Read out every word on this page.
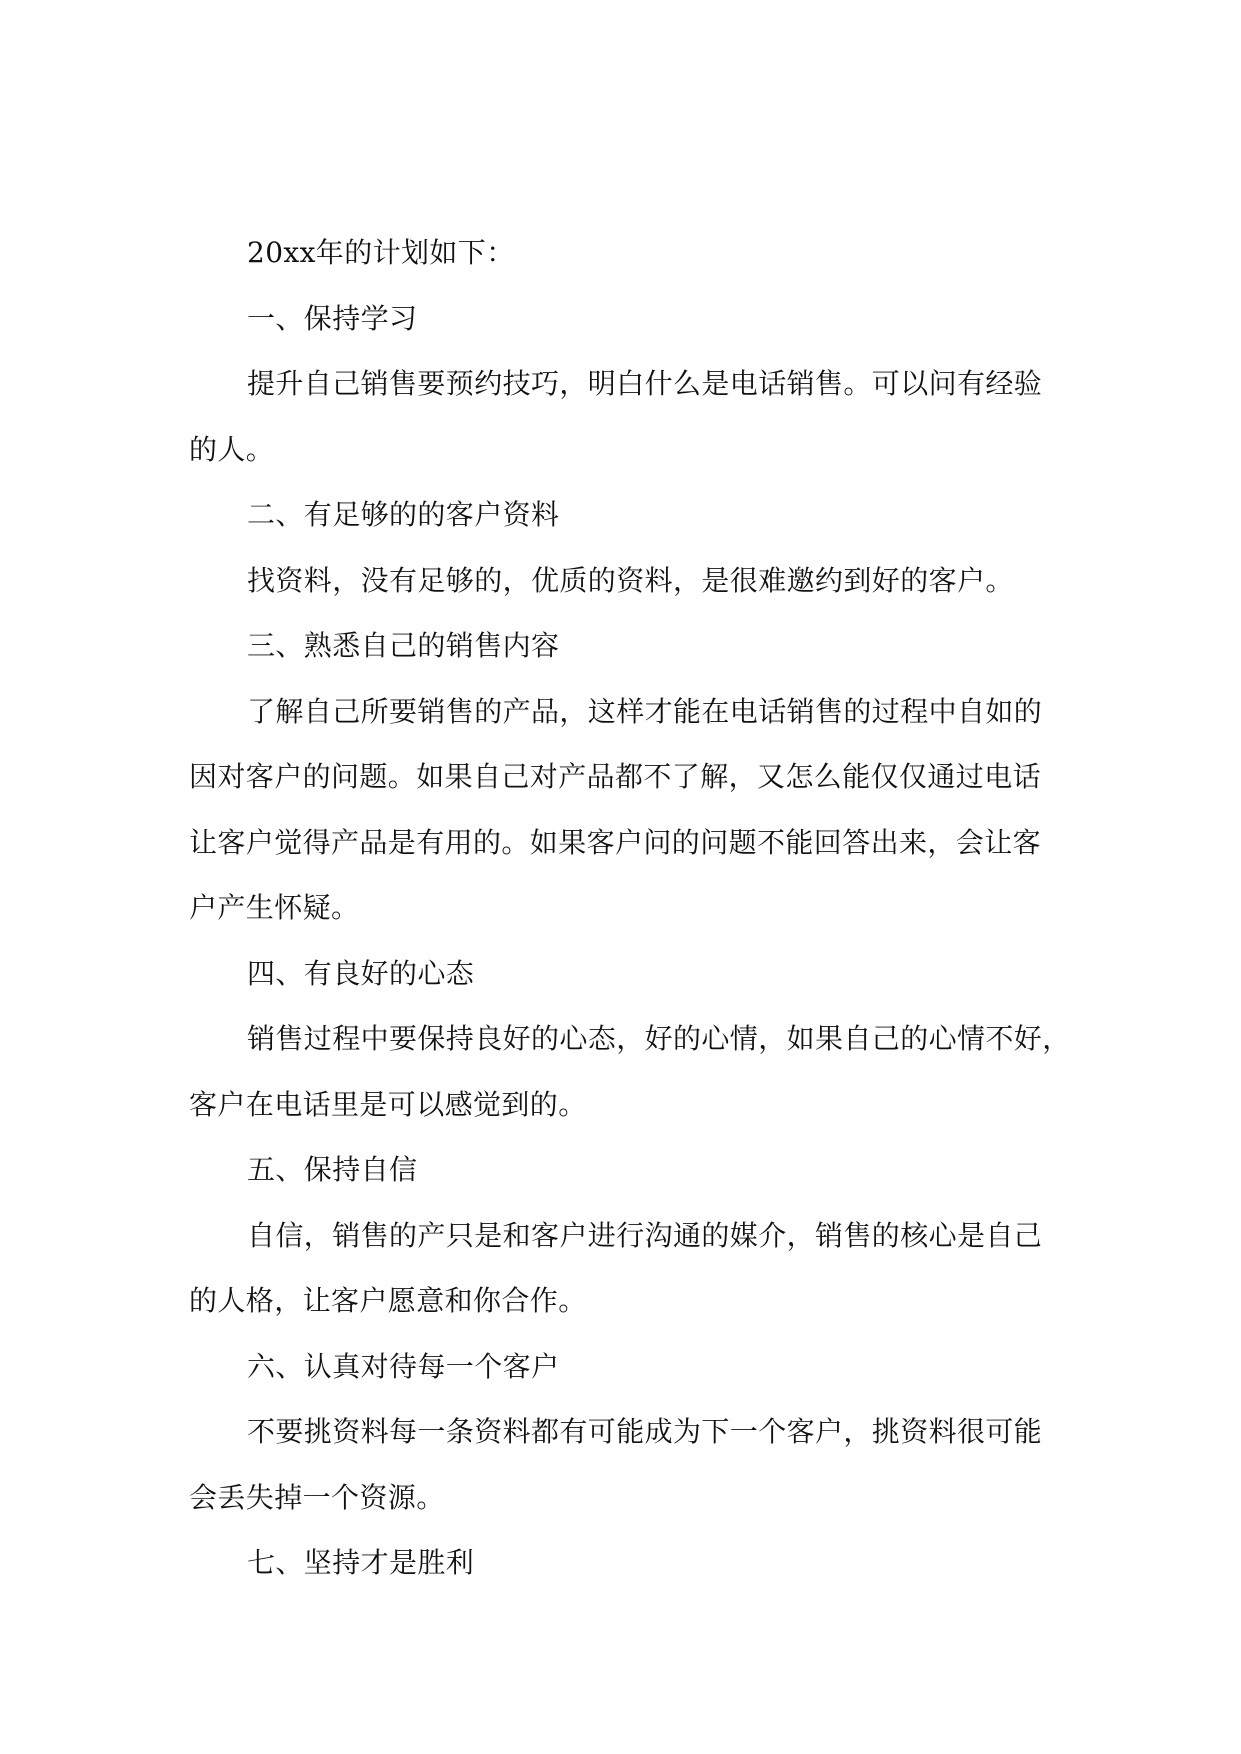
20xx年的计划如下：

一、保持学习

提升自己销售要预约技巧，明白什么是电话销售。可以问有经验

的人。

二、有足够的的客户资料

找资料，没有足够的，优质的资料，是很难邀约到好的客户。

三、熟悉自己的销售内容

了解自己所要销售的产品，这样才能在电话销售的过程中自如的

因对客户的问题。如果自己对产品都不了解，又怎么能仅仅通过电话

让客户觉得产品是有用的。如果客户问的问题不能回答出来，会让客

户产生怀疑。

四、有良好的心态

销售过程中要保持良好的心态，好的心情，如果自己的心情不好，

客户在电话里是可以感觉到的。

五、保持自信

自信，销售的产只是和客户进行沟通的媒介，销售的核心是自己

的人格，让客户愿意和你合作。

六、认真对待每一个客户

不要挑资料每一条资料都有可能成为下一个客户，挑资料很可能

会丢失掉一个资源。

七、坚持才是胜利
